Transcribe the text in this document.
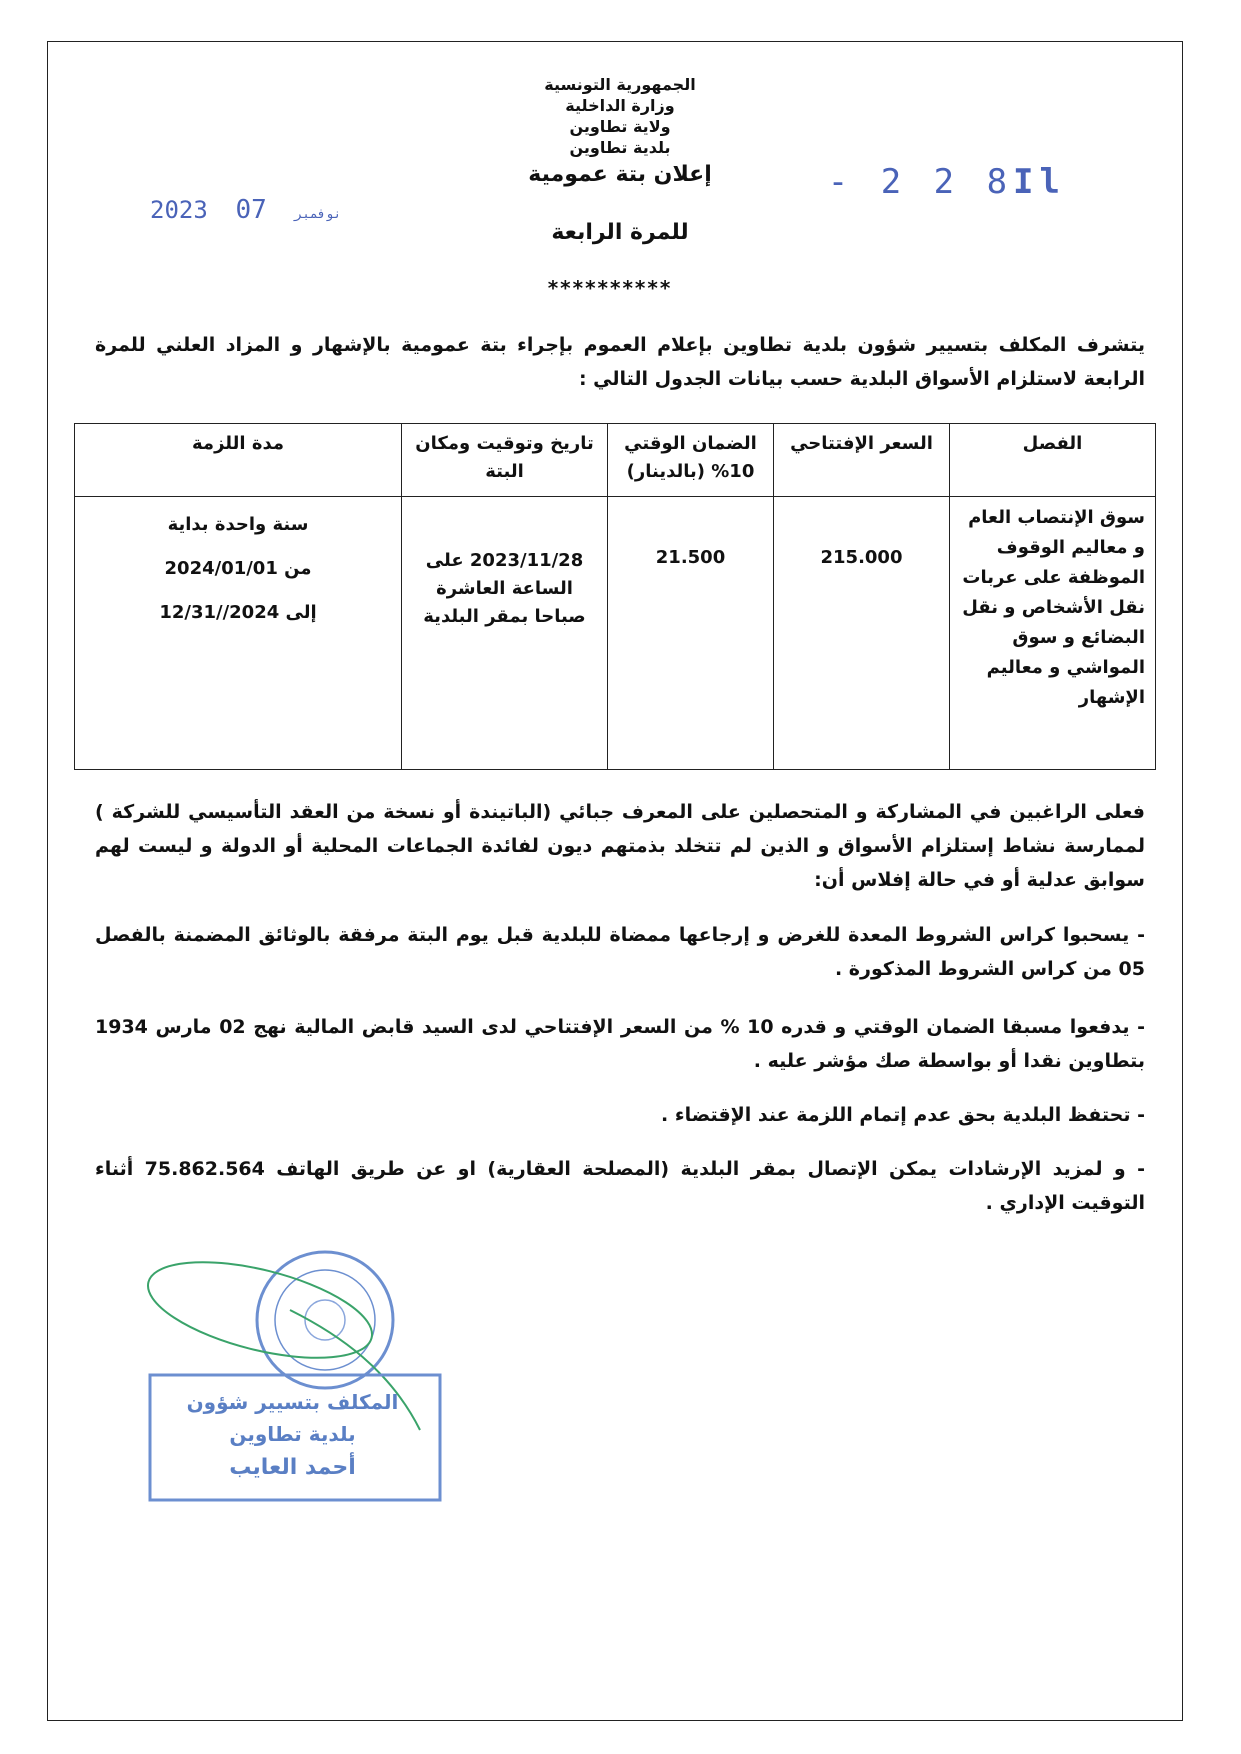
الجمهورية التونسية
وزارة الداخلية
ولاية تطاوين
بلدية تطاوين
إعلان بتة عمومية
للمرة الرابعة
**********
- 2 2 8Il
2023	نوفمبر 07
يتشرف المكلف بتسيير شؤون بلدية تطاوين بإعلام العموم بإجراء بتة عمومية بالإشهار و المزاد العلني للمرة الرابعة لاستلزام الأسواق البلدية حسب بيانات الجدول التالي :
الفصل	السعر الإفتتاحي	الضمان الوقتي 10% (بالدينار)	تاريخ وتوقيت ومكان البتة	مدة اللزمة
سوق الإنتصاب العام و معاليم الوقوف الموظفة على عربات نقل الأشخاص و نقل البضائع و سوق المواشي و معاليم الإشهار	215.000	21.500	2023/11/28 على الساعة العاشرة صباحا بمقر البلدية	سنة واحدة بداية
من 2024/01/01
إلى 2024//12/31
فعلى الراغبين في المشاركة و المتحصلين على المعرف جبائي (الباتيندة أو نسخة من العقد التأسيسي للشركة ) لممارسة نشاط إستلزام الأسواق و الذين لم تتخلد بذمتهم ديون لفائدة الجماعات المحلية أو الدولة و ليست لهم سوابق عدلية أو في حالة إفلاس أن:
- يسحبوا كراس الشروط المعدة للغرض و إرجاعها ممضاة للبلدية قبل يوم البتة مرفقة بالوثائق المضمنة بالفصل 05 من كراس الشروط المذكورة .
- يدفعوا مسبقا الضمان الوقتي و قدره 10 % من السعر الإفتتاحي لدى السيد قابض المالية نهج 02 مارس 1934 بتطاوين نقدا أو بواسطة صك مؤشر عليه .
- تحتفظ البلدية بحق عدم إتمام اللزمة عند الإقتضاء .
- و لمزيد الإرشادات يمكن الإتصال بمقر البلدية (المصلحة العقارية) او عن طريق الهاتف 75.862.564 أثناء التوقيت الإداري .
المكلف بتسيير شؤون
بلدية تطاوين
أحمد العايب
